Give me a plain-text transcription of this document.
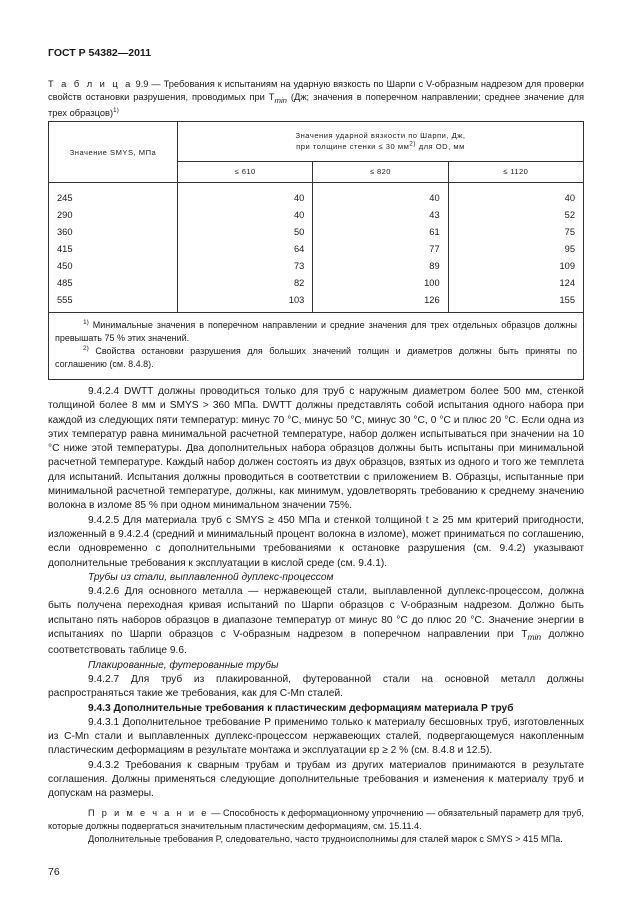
ГОСТ Р 54382—2011
Т а б л и ц а 9.9 — Требования к испытаниям на ударную вязкость по Шарпи с V-образным надрезом для проверки свойств остановки разрушения, проводимых при $T_{min}$ (Дж; значения в поперечном направлении; среднее значение для трех образцов)$^{1)}$
Значение SMYS, МПа	Значения ударной вязкости по Шарпи, Дж,
при толщине стенки ≤ 30 $мм^{2)}$ для OD, мм		
	≤ 610	≤ 820	≤ 1120
245	40	40	40
290	40	43	52
360	50	61	75
415	64	77	95
450	73	89	109
485	82	100	124
555	103	126	155

$^{1)}$ Минимальные значения в поперечном направлении и средние значения для трех отдельных образцов должны превышать 75 % этих значений.
$^{2)}$ Свойства остановки разрушения для больших значений толщин и диаметров должны быть приняты по соглашению (см. 8.4.8).			

9.4.2.4 DWTT должны проводиться только для труб с наружным диаметром более 500 мм, стенкой толщиной более 8 мм и SMYS > 360 МПа. DWTT должны представлять собой испытания одного набора при каждой из следующих пяти температур: минус 70 °С, минус 50 °С, минус 30 °С, 0 °С и плюс 20 °С. Если одна из этих температур равна минимальной расчетной температуре, набор должен испытываться при значении на 10 °С ниже этой температуры. Два дополнительных набора образцов должны быть испытаны при минимальной расчетной температуре. Каждый набор должен состоять из двух образцов, взятых из одного и того же темплета для испытаний. Испытания должны проводиться в соответствии с приложением В. Образцы, испытанные при минимальной расчетной температуре, должны, как минимум, удовлетворять требованию к среднему значению волокна в изломе 85 % при одном минимальном значении 75%.

9.4.2.5 Для материала труб с SMYS ≥ 450 МПа и стенкой толщиной t ≥ 25 мм критерий пригодности, изложенный в 9.4.2.4 (средний и минимальный процент волокна в изломе), может приниматься по соглашению, если одновременно с дополнительными требованиями к остановке разрушения (см. 9.4.2) указывают дополнительные требования к эксплуатации в кислой среде (см. 9.4.1).

Трубы из стали, выплавленной дуплекс-процессом

9.4.2.6 Для основного металла — нержавеющей стали, выплавленной дуплекс-процессом, должна быть получена переходная кривая испытаний по Шарпи образцов с V-образным надрезом. Должно быть испытано пять наборов образцов в диапазоне температур от минус 80 °С до плюс 20 °С. Значение энергии в испытаниях по Шарпи образцов с V-образным надрезом в поперечном направлении при $T_{min}$ должно соответствовать таблице 9.6.

Плакированные, футерованные трубы

9.4.2.7 Для труб из плакированной, футерованной стали на основной металл должны распространяться такие же требования, как для C-Mn сталей.

9.4.3 Дополнительные требования к пластическим деформациям материала P труб

9.4.3.1 Дополнительное требование P применимо только к материалу бесшовных труб, изготовленных из C-Mn стали и выплавленных дуплекс-процессом нержавеющих сталей, подвергающемуся накопленным пластическим деформациям в результате монтажа и эксплуатации εp ≥ 2 % (см. 8.4.8 и 12.5).

9.4.3.2 Требования к сварным трубам и трубам из других материалов принимаются в результате соглашения. Должны применяться следующие дополнительные требования и изменения к материалу труб и допускам на размеры.

П р и м е ч а н и е — Способность к деформационному упрочнению — обязательный параметр для труб, которые должны подвергаться значительным пластическим деформациям, см. 15.11.4.

Дополнительные требования P, следовательно, часто трудноисполнимы для сталей марок с SMYS > 415 МПа.

76
